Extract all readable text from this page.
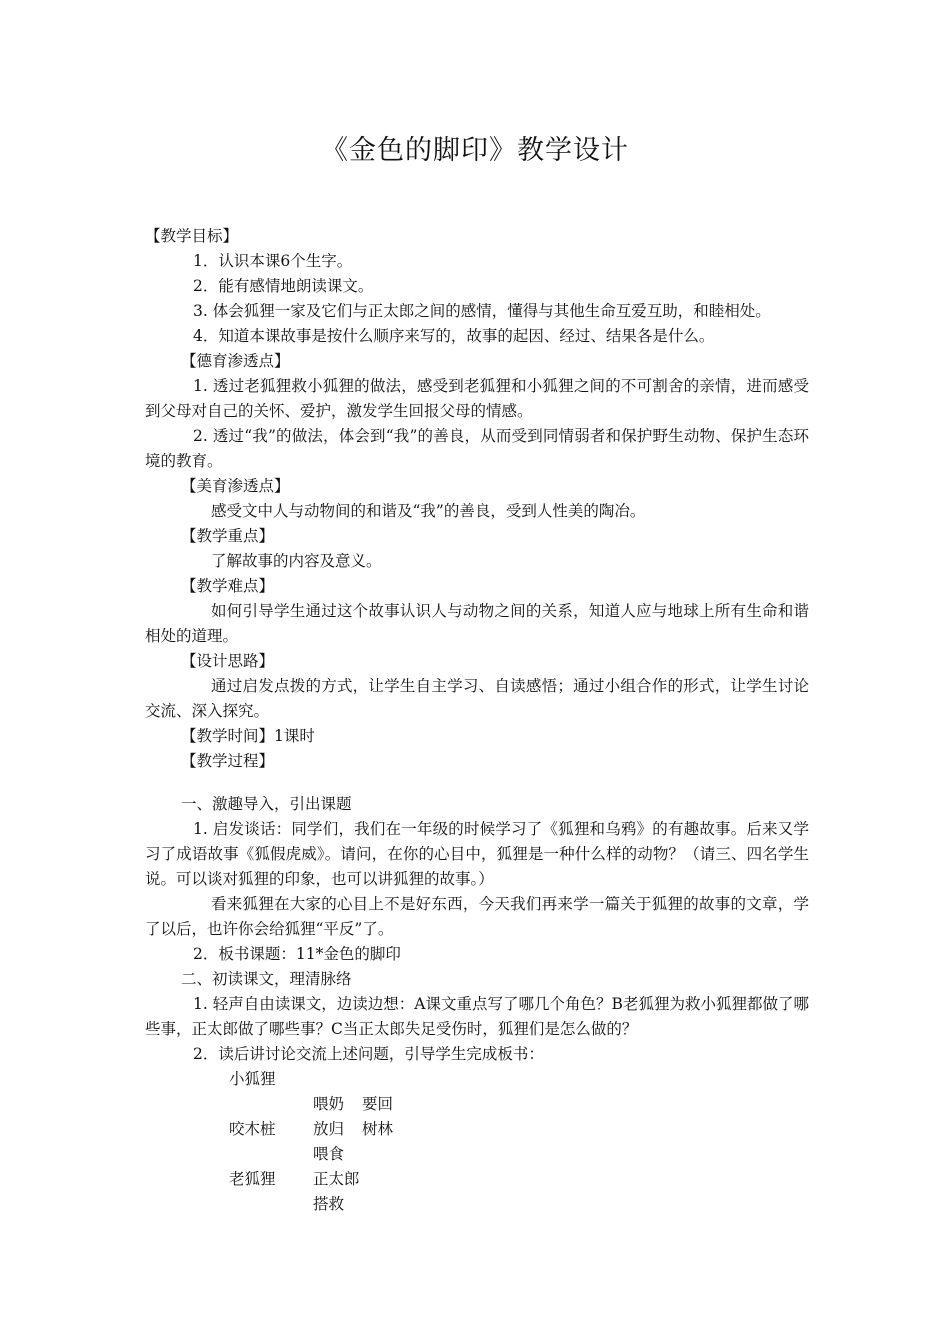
《金色的脚印》教学设计

【教学目标】

1．认识本课6个生字。

2．能有感情地朗读课文。

3. 体会狐狸一家及它们与正太郎之间的感情，懂得与其他生命互爱互助，和睦相处。

4．知道本课故事是按什么顺序来写的，故事的起因、经过、结果各是什么。

【德育渗透点】

1. 透过老狐狸救小狐狸的做法，感受到老狐狸和小狐狸之间的不可割舍的亲情，进而感受到父母对自己的关怀、爱护，激发学生回报父母的情感。

2. 透过“我”的做法，体会到“我”的善良，从而受到同情弱者和保护野生动物、保护生态环境的教育。

【美育渗透点】

感受文中人与动物间的和谐及“我”的善良，受到人性美的陶冶。

【教学重点】

了解故事的内容及意义。

【教学难点】

如何引导学生通过这个故事认识人与动物之间的关系，知道人应与地球上所有生命和谐相处的道理。

【设计思路】

通过启发点拨的方式，让学生自主学习、自读感悟；通过小组合作的形式，让学生讨论交流、深入探究。

【教学时间】1课时

【教学过程】

一、激趣导入，引出课题

1. 启发谈话：同学们，我们在一年级的时候学习了《狐狸和乌鸦》的有趣故事。后来又学习了成语故事《狐假虎威》。请问，在你的心目中，狐狸是一种什么样的动物？（请三、四名学生说。可以谈对狐狸的印象，也可以讲狐狸的故事。）

看来狐狸在大家的心目上不是好东西，今天我们再来学一篇关于狐狸的故事的文章，学了以后，也许你会给狐狸“平反”了。

2．板书课题：11*金色的脚印

二、初读课文，理清脉络

1. 轻声自由读课文，边读边想：A课文重点写了哪几个角色？B老狐狸为救小狐狸都做了哪些事，正太郎做了哪些事？C当正太郎失足受伤时，狐狸们是怎么做的？

2．读后讲讨论交流上述问题，引导学生完成板书：

小狐狸
咬木桩
老狐狸
喂奶
放归
喂食
正太郎
搭救
要回
树林
